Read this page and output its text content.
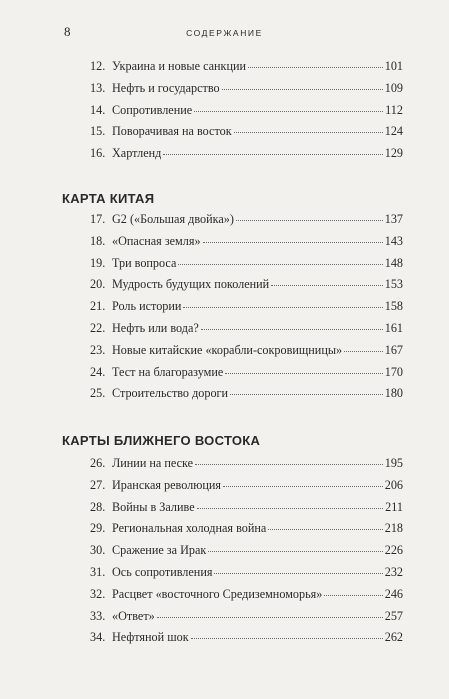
8	СОДЕРЖАНИЕ
12. Украина и новые санкции	101
13. Нефть и государство	109
14. Сопротивление	112
15. Поворачивая на восток	124
16. Хартленд	129
КАРТА КИТАЯ
17. G2 («Большая двойка»)	137
18. «Опасная земля»	143
19. Три вопроса	148
20. Мудрость будущих поколений	153
21. Роль истории	158
22. Нефть или вода?	161
23. Новые китайские «корабли-сокровищницы»	167
24. Тест на благоразумие	170
25. Строительство дороги	180
КАРТЫ БЛИЖНЕГО ВОСТОКА
26. Линии на песке	195
27. Иранская революция	206
28. Войны в Заливе	211
29. Региональная холодная война	218
30. Сражение за Ирак	226
31. Ось сопротивления	232
32. Расцвет «восточного Средиземноморья»	246
33. «Ответ»	257
34. Нефтяной шок	262
